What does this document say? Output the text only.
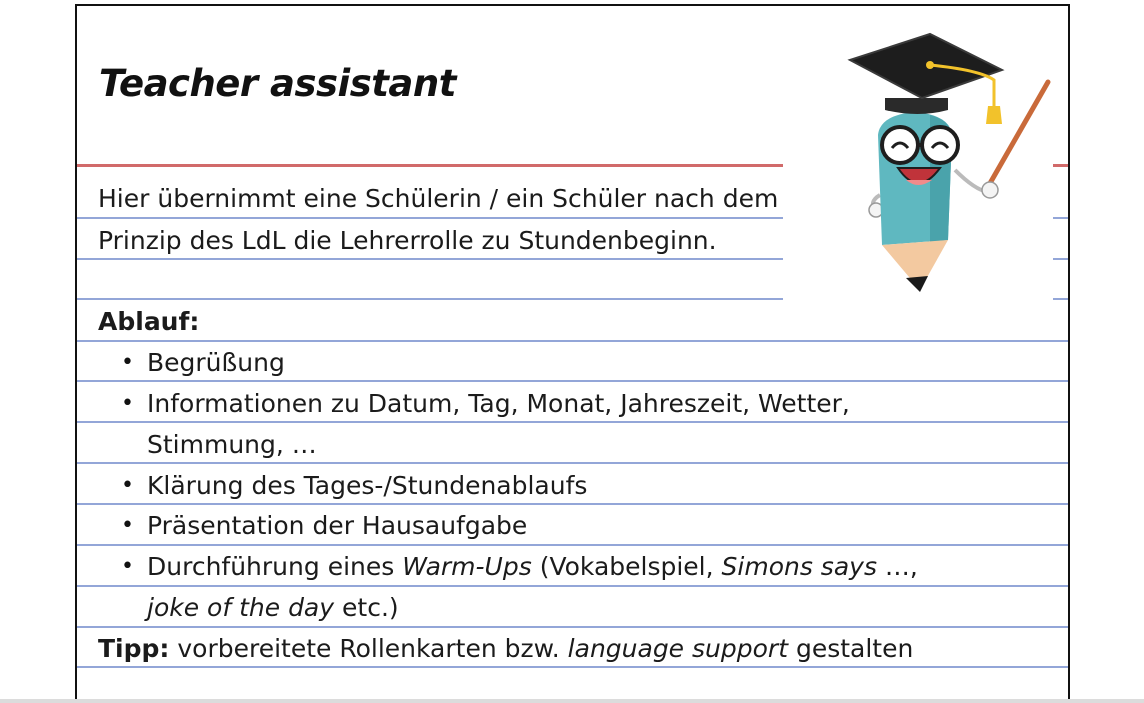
Teacher assistant
Hier übernimmt eine Schülerin / ein Schüler nach dem
Prinzip des LdL die Lehrerrolle zu Stundenbeginn.
Ablauf:
• Begrüßung
• Informationen zu Datum, Tag, Monat, Jahreszeit, Wetter,
Stimmung, …
• Klärung des Tages-/Stundenablaufs
• Präsentation der Hausaufgabe
• Durchführung eines Warm-Ups (Vokabelspiel, Simons says …,
joke of the day etc.)
Tipp: vorbereitete Rollenkarten bzw. language support gestalten
